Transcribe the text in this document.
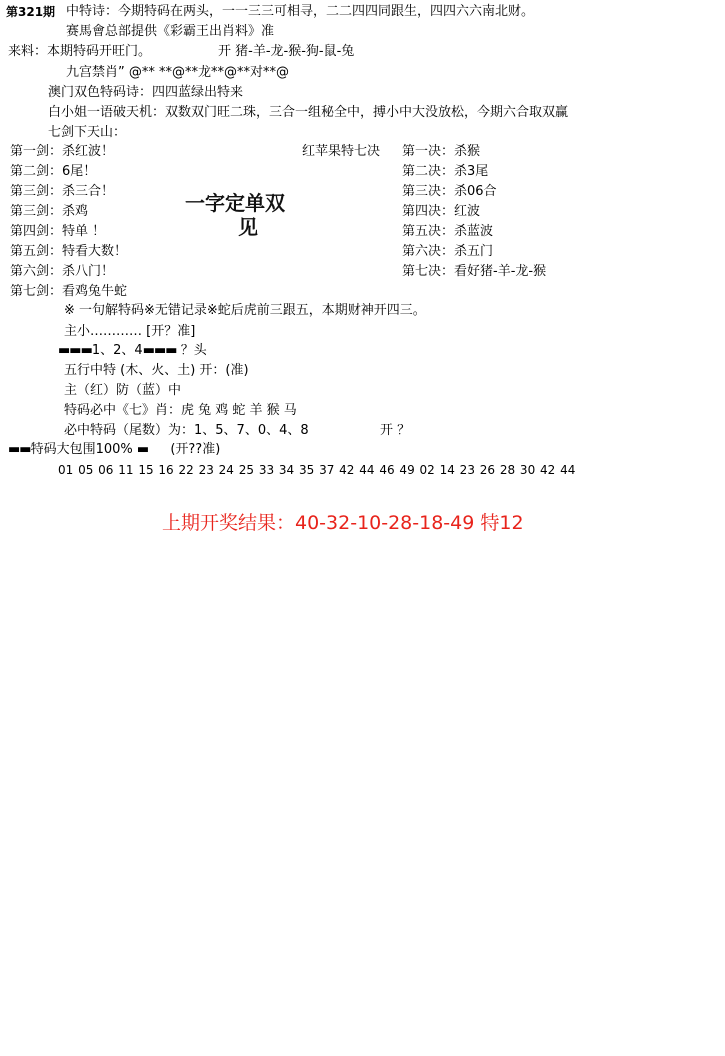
第321期 中特诗：今期特码在两头，一一三三可相寻，二二四四同跟生，四四六六南北财。
赛馬會总部提供《彩霸王出肖料》准
来料：本期特码开旺门。	开 猪-羊-龙-猴-狗-鼠-兔
九宫禁肖” @** **@**龙**@**对**@
澳门双色特码诗：四四蓝绿出特来
白小姐一语破天机：双数双门旺二珠，三合一组秘全中，搏小中大没放松，今期六合取双赢
七剑下天山：
第一剑：杀红波！
第二剑：6尾！
第三剑：杀三合！
第三剑：杀鸡
第四剑：特单 ！
第五剑：特看大数！
第六剑：杀八门！
第七剑：看鸡兔牛蛇
一字定单双
见
红苹果特七决 第一决：杀猴
第二决：杀3尾
第三决：杀06合
第四决：红波
第五决：杀蓝波
第六决：杀五门
第七决：看好猪-羊-龙-猴
※ 一句解特码※无错记录※蛇后虎前三跟五，本期财神开四三。
主小………… [开？准]
▬▬▬1、2、4▬▬▬ ？头
五行中特 (木、火、土) 开：(准)
主（红）防（蓝）中
特码必中《七》肖：虎 兔 鸡 蛇 羊 猴 马
必中特码（尾数）为：1、5、7、0、4、8	开 ？
▬▬特码大包围100% ▬ (开??准)
01 05 06 11 15 16 22 23 24 25 33 34 35 37 42 44 46 49 02 14 23 26 28 30 42 44
上期开奖结果：40-32-10-28-18-49 特12
